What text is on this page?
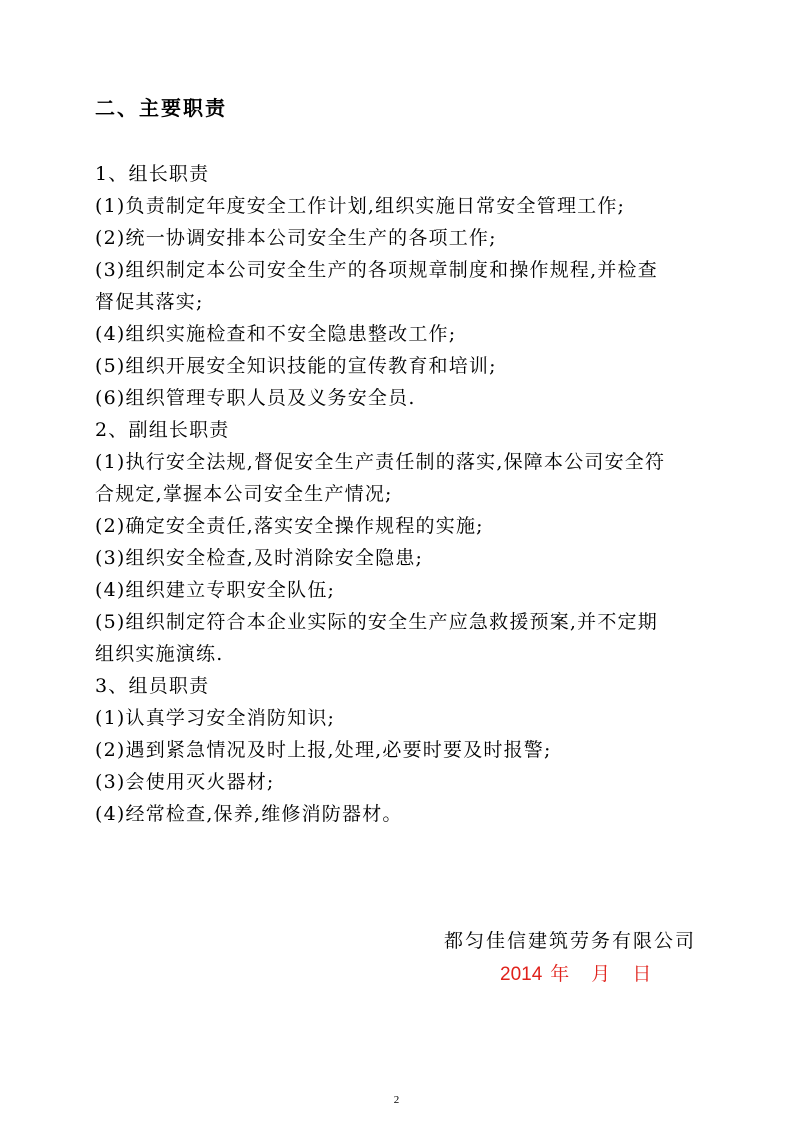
二、主要职责
1、组长职责
(1)负责制定年度安全工作计划,组织实施日常安全管理工作;
(2)统一协调安排本公司安全生产的各项工作;
(3)组织制定本公司安全生产的各项规章制度和操作规程,并检查
督促其落实;
(4)组织实施检查和不安全隐患整改工作;
(5)组织开展安全知识技能的宣传教育和培训;
(6)组织管理专职人员及义务安全员.
2、副组长职责
(1)执行安全法规,督促安全生产责任制的落实,保障本公司安全符
合规定,掌握本公司安全生产情况;
(2)确定安全责任,落实安全操作规程的实施;
(3)组织安全检查,及时消除安全隐患;
(4)组织建立专职安全队伍;
(5)组织制定符合本企业实际的安全生产应急救援预案,并不定期
组织实施演练.
3、组员职责
(1)认真学习安全消防知识;
(2)遇到紧急情况及时上报,处理,必要时要及时报警;
(3)会使用灭火器材;
(4)经常检查,保养,维修消防器材。
都匀佳信建筑劳务有限公司
2014 年 月 日
2
